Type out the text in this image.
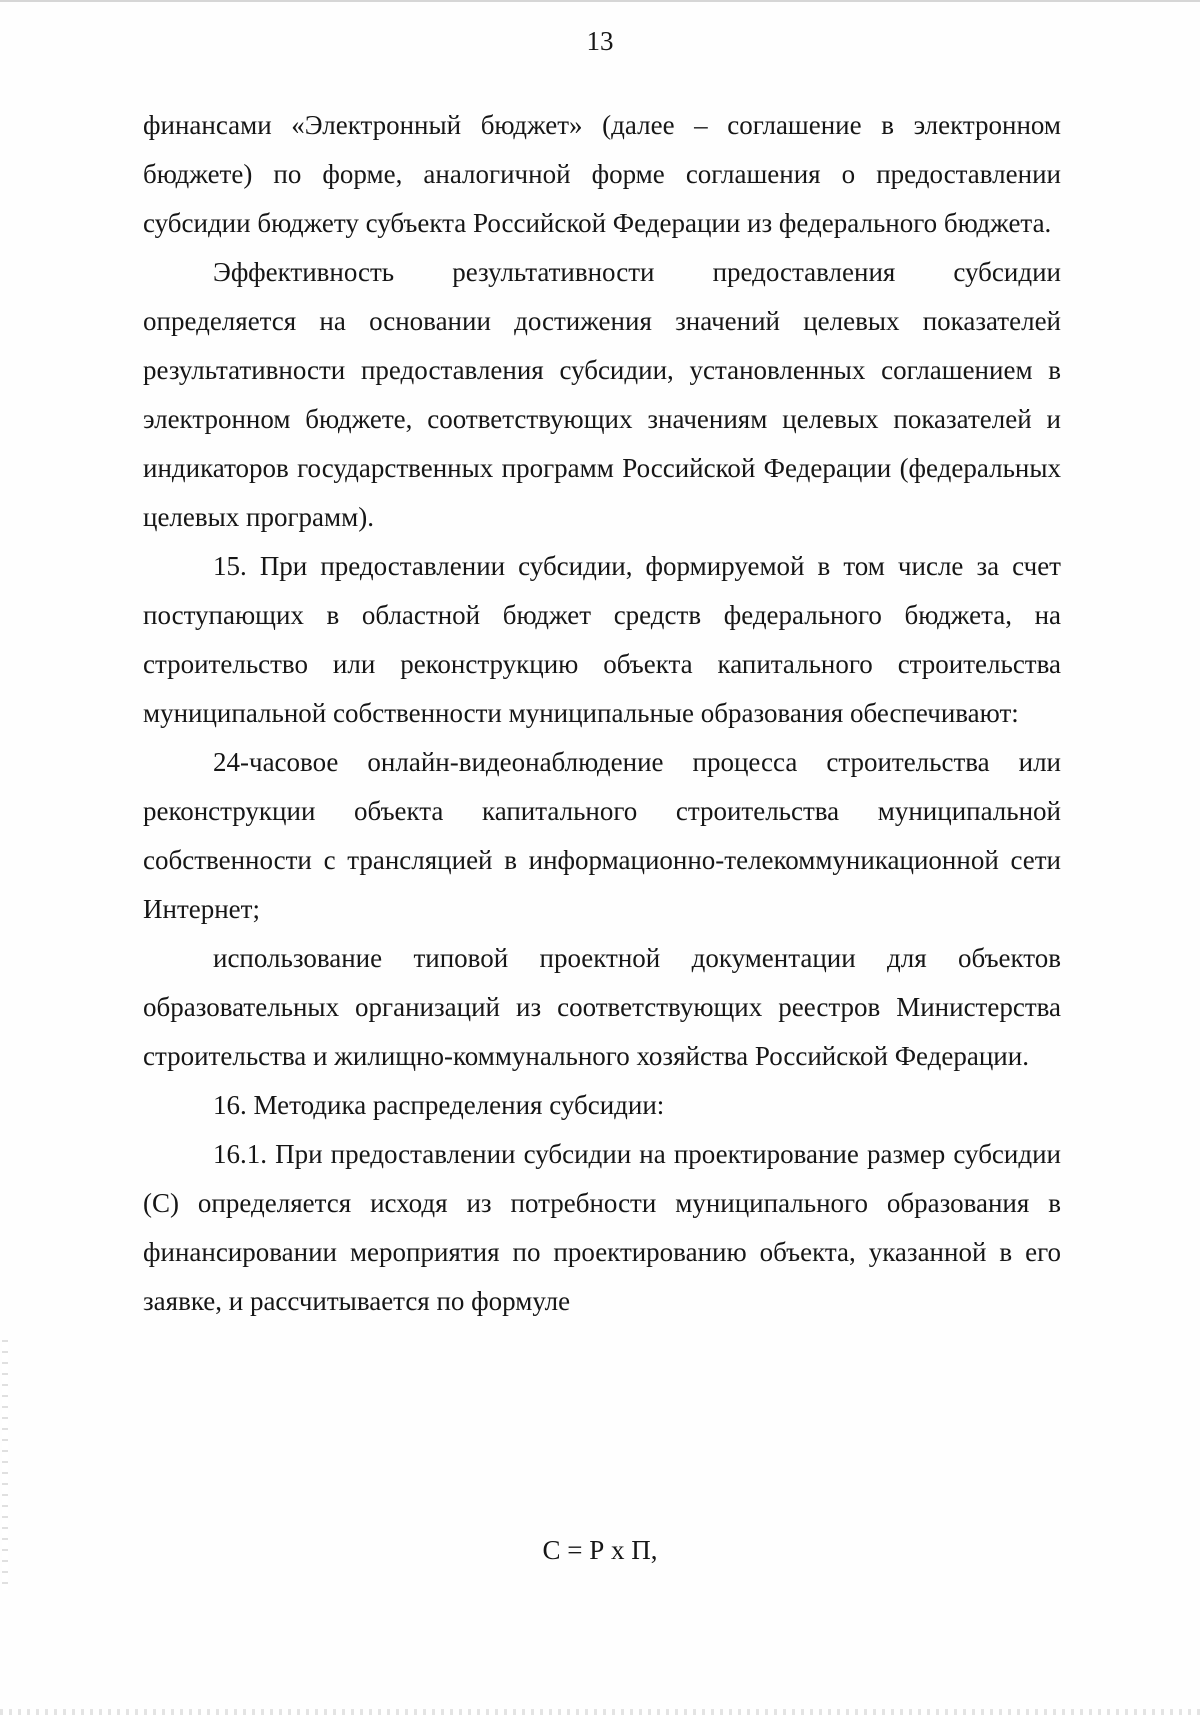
13

финансами «Электронный бюджет» (далее – соглашение в электронном бюджете) по форме, аналогичной форме соглашения о предоставлении субсидии бюджету субъекта Российской Федерации из федерального бюджета.

Эффективность результативности предоставления субсидии определяется на основании достижения значений целевых показателей результативности предоставления субсидии, установленных соглашением в электронном бюджете, соответствующих значениям целевых показателей и индикаторов государственных программ Российской Федерации (федеральных целевых программ).

15. При предоставлении субсидии, формируемой в том числе за счет поступающих в областной бюджет средств федерального бюджета, на строительство или реконструкцию объекта капитального строительства муниципальной собственности муниципальные образования обеспечивают:

24-часовое онлайн-видеонаблюдение процесса строительства или реконструкции объекта капитального строительства муниципальной собственности с трансляцией в информационно-телекоммуникационной сети Интернет;

использование типовой проектной документации для объектов образовательных организаций из соответствующих реестров Министерства строительства и жилищно-коммунального хозяйства Российской Федерации.

16. Методика распределения субсидии:

16.1. При предоставлении субсидии на проектирование размер субсидии (С) определяется исходя из потребности муниципального образования в финансировании мероприятия по проектированию объекта, указанной в его заявке, и рассчитывается по формуле

С = Р х П,
